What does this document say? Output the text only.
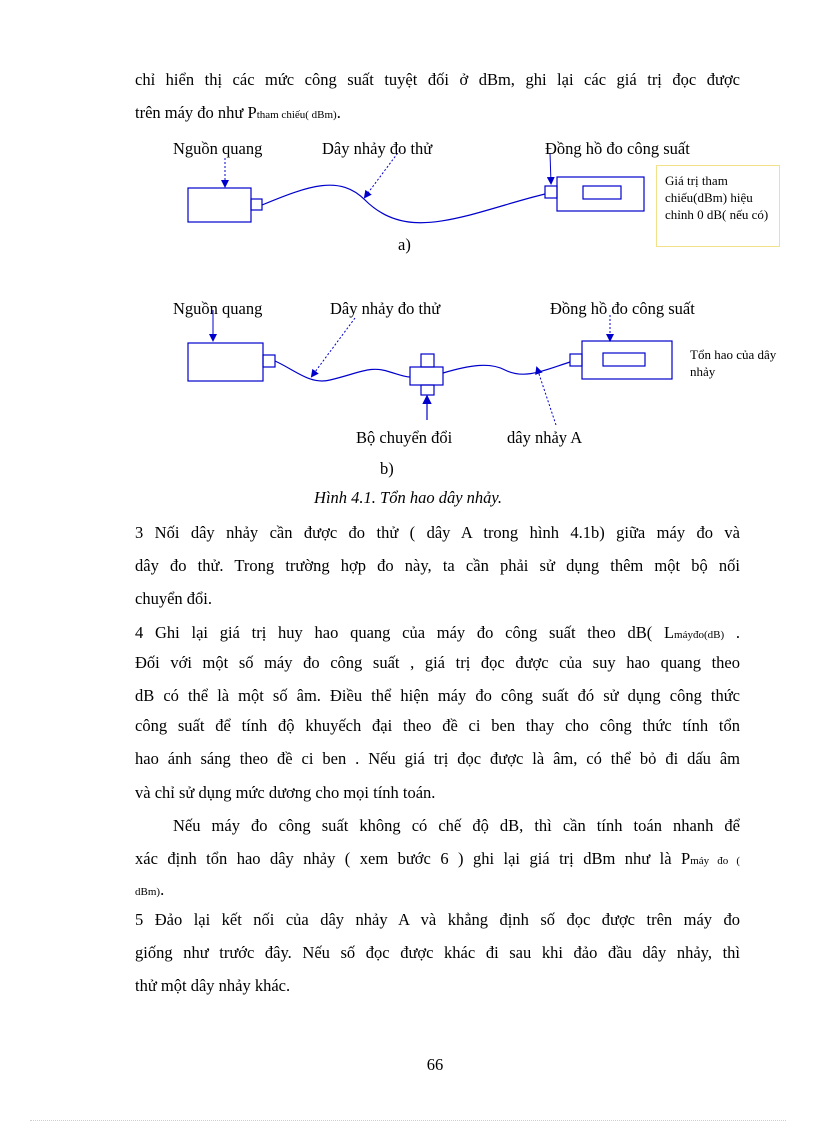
chỉ hiển thị các mức công suất tuyệt đối ở dBm, ghi lại các giá trị đọc được
trên máy đo như Ptham chiếu( dBm).
Nguồn quang	Dây nhảy đo thử	Đồng hồ đo công suất
Giá trị tham chiếu(dBm) hiệu chỉnh 0 dB( nếu có)
a)
Nguồn quang	Dây nhảy đo thử	Đồng hồ đo công suất
Tổn hao của dây nhảy
Bộ chuyển đổi	dây nhảy A
b)
Hình 4.1. Tổn hao dây nhảy.
3 Nối dây nhảy cần được đo thử ( dây A trong hình 4.1b) giữa máy đo và
dây đo thử. Trong trường hợp đo này, ta cần phải sử dụng thêm một bộ nối
chuyển đổi.
4 Ghi lại giá trị huy hao quang của máy đo công suất theo dB( Lmáyđo(dB) .
Đối với một số máy đo công suất , giá trị đọc được của suy hao quang theo
dB có thể là một số âm. Điều thể hiện máy đo công suất đó sử dụng công thức
công suất để tính độ khuyếch đại theo đề ci ben thay cho công thức tính tổn
hao ánh sáng theo đề ci ben . Nếu giá trị đọc được là âm, có thể bỏ đi dấu âm
và chỉ sử dụng mức dương cho mọi tính toán.
Nếu máy đo công suất không có chế độ dB, thì cần tính toán nhanh để
xác định tổn hao dây nhảy ( xem bước 6 ) ghi lại giá trị dBm như là Pmáy đo (
dBm).
5 Đảo lại kết nối của dây nhảy A và khẳng định số đọc được trên máy đo
giống như trước đây. Nếu số đọc được khác đi sau khi đảo đầu dây nhảy, thì
thử một dây nhảy khác.
66
